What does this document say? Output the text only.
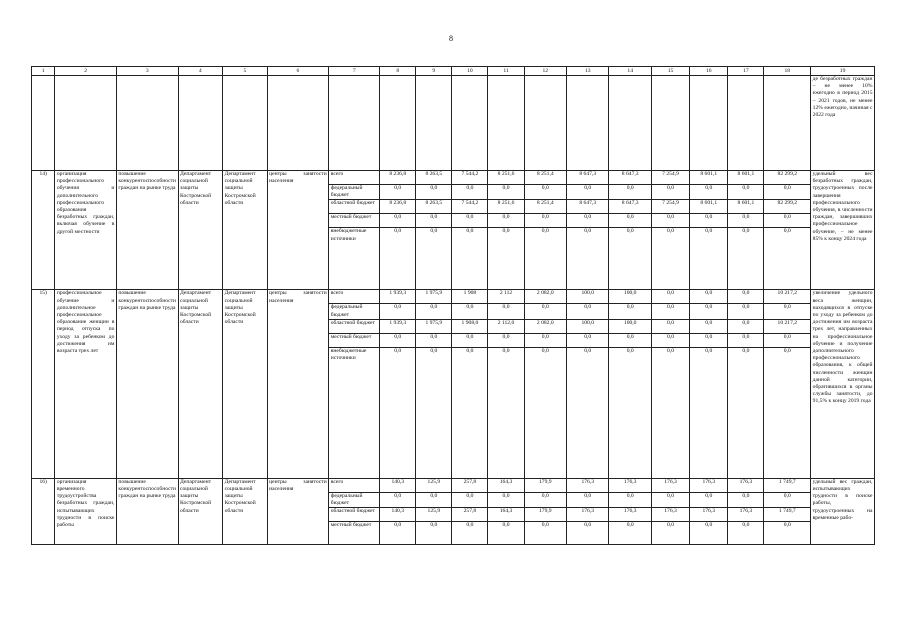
8
1	2	3	4	5	6	7	8	9	10	11	12	13	14	15	16	17	18	19
																		де безработных граждан – не менее 10% ежегодно в период 2015 – 2021 годов, не менее 12% ежегодно, начиная с 2022 года
14)	организация профессионального обучения и дополнительного профессионального образования безработных граждан, включая обучение в другой местности	повышение конкурентоспособности граждан на рынке труда	Департамент социальной защиты Костромской области	Департамент социальной защиты Костромской области	центры занятости населения	всего	8 236,8	8 263,5	7 544,2	8 251,6	8 251,4	8 647,3	8 647,3	7 254,9	8 601,1	8 601,1	82 299,2	удельный вес безработных граждан, трудоустроенных после завершения профессионального обучения, в численности граждан, завершивших профессиональное обучение, – не менее 85% к концу 2024 года
						федеральный бюджет	0,0	0,0	0,0	0,0	0,0	0,0	0,0	0,0	0,0	0,0	0,0	
						областной бюджет	8 236,8	8 263,5	7 544,2	8 251,6	8 251,4	8 647,3	8 647,3	7 254,9	8 601,1	8 601,1	82 299,2	
						местный бюджет	0,0	0,0	0,0	0,0	0,0	0,0	0,0	0,0	0,0	0,0	0,0	
						внебюджетные источники	0,0	0,0	0,0	0,0	0,0	0,0	0,0	0,0	0,0	0,0	0,0	
15)	профессиональное обучение и дополнительное профессиональное образование женщин в период отпуска по уходу за ребенком до достижения им возраста трех лет	повышение конкурентоспособности граждан на рынке труда	Департамент социальной защиты Костромской области	Департамент социальной защиты Костромской области	центры занятости населения	всего	1 939,3	1 975,9	1 908	2 112	2 082,0	100,0	100,0	0,0	0,0	0,0	10 217,2	увеличение удельного веса женщин, находящихся в отпуске по уходу за ребенком до достижения им возраста трех лет, направленных на профессиональное обучение и получение дополнительного профессионального образования, к общей численности женщин данной категории, обратившихся в органы службы занятости, до 91,5% к концу 2019 года
						федеральный бюджет	0,0	0,0	0,0	0,0	0,0	0,0	0,0	0,0	0,0	0,0	0,0	
						областной бюджет	1 939,3	1 975,9	1 908,0	2 112,0	2 082,0	100,0	100,0	0,0	0,0	0,0	10 217,2	
						местный бюджет	0,0	0,0	0,0	0,0	0,0	0,0	0,0	0,0	0,0	0,0	0,0	
						внебюджетные источники	0,0	0,0	0,0	0,0	0,0	0,0	0,0	0,0	0,0	0,0	0,0	
16)	организация временного трудоустройства безработных граждан, испытывающих трудности в поиске работы	повышение конкурентоспособности граждан на рынке труда	Департамент социальной защиты Костромской области	Департамент социальной защиты Костромской области	центры занятости населения	всего	140,3	125,9	257,8	164,3	179,9	176,3	176,3	176,3	176,3	176,3	1 749,7	удельный вес граждан, испытывающих трудности в поиске работы, трудоустроенных на временные рабо-
						федеральный бюджет	0,0	0,0	0,0	0,0	0,0	0,0	0,0	0,0	0,0	0,0	0,0	
						областной бюджет	140,3	125,9	257,8	164,3	179,9	176,3	176,3	176,3	176,3	176,3	1 749,7	
						местный бюджет	0,0	0,0	0,0	0,0	0,0	0,0	0,0	0,0	0,0	0,0	0,0	
